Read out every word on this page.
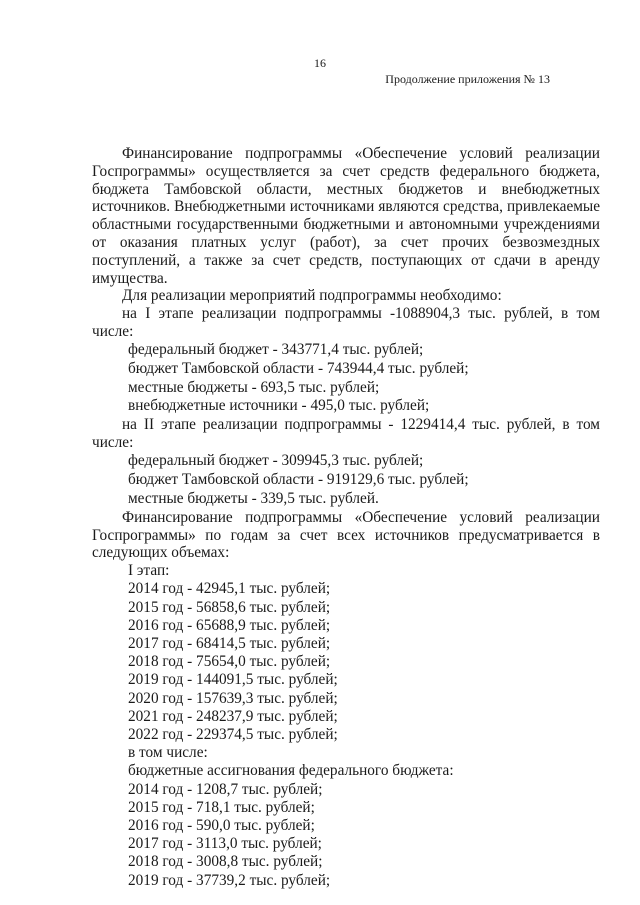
16
Продолжение приложения № 13

Финансирование подпрограммы «Обеспечение условий реализации Госпрограммы» осуществляется за счет средств федерального бюджета, бюджета Тамбовской области, местных бюджетов и внебюджетных источников. Внебюджетными источниками являются средства, привлекаемые областными государственными бюджетными и автономными учреждениями от оказания платных услуг (работ), за счет прочих безвозмездных поступлений, а также за счет средств, поступающих от сдачи в аренду имущества.

Для реализации мероприятий подпрограммы необходимо:

на I этапе реализации подпрограммы -1088904,3 тыс. рублей, в том числе:

федеральный бюджет - 343771,4 тыс. рублей;

бюджет Тамбовской области - 743944,4 тыс. рублей;

местные бюджеты - 693,5 тыс. рублей;

внебюджетные источники - 495,0 тыс. рублей;

на II этапе реализации подпрограммы - 1229414,4 тыс. рублей, в том числе:

федеральный бюджет - 309945,3 тыс. рублей;

бюджет Тамбовской области - 919129,6 тыс. рублей;

местные бюджеты - 339,5 тыс. рублей.

Финансирование подпрограммы «Обеспечение условий реализации Госпрограммы» по годам за счет всех источников предусматривается в следующих объемах:

I этап:

2014 год - 42945,1 тыс. рублей;

2015 год - 56858,6 тыс. рублей;

2016 год - 65688,9 тыс. рублей;

2017 год - 68414,5 тыс. рублей;

2018 год - 75654,0 тыс. рублей;

2019 год - 144091,5 тыс. рублей;

2020 год - 157639,3 тыс. рублей;

2021 год - 248237,9 тыс. рублей;

2022 год - 229374,5 тыс. рублей;

в том числе:

бюджетные ассигнования федерального бюджета:

2014 год - 1208,7 тыс. рублей;

2015 год - 718,1 тыс. рублей;

2016 год - 590,0 тыс. рублей;

2017 год - 3113,0 тыс. рублей;

2018 год - 3008,8 тыс. рублей;

2019 год - 37739,2 тыс. рублей;
